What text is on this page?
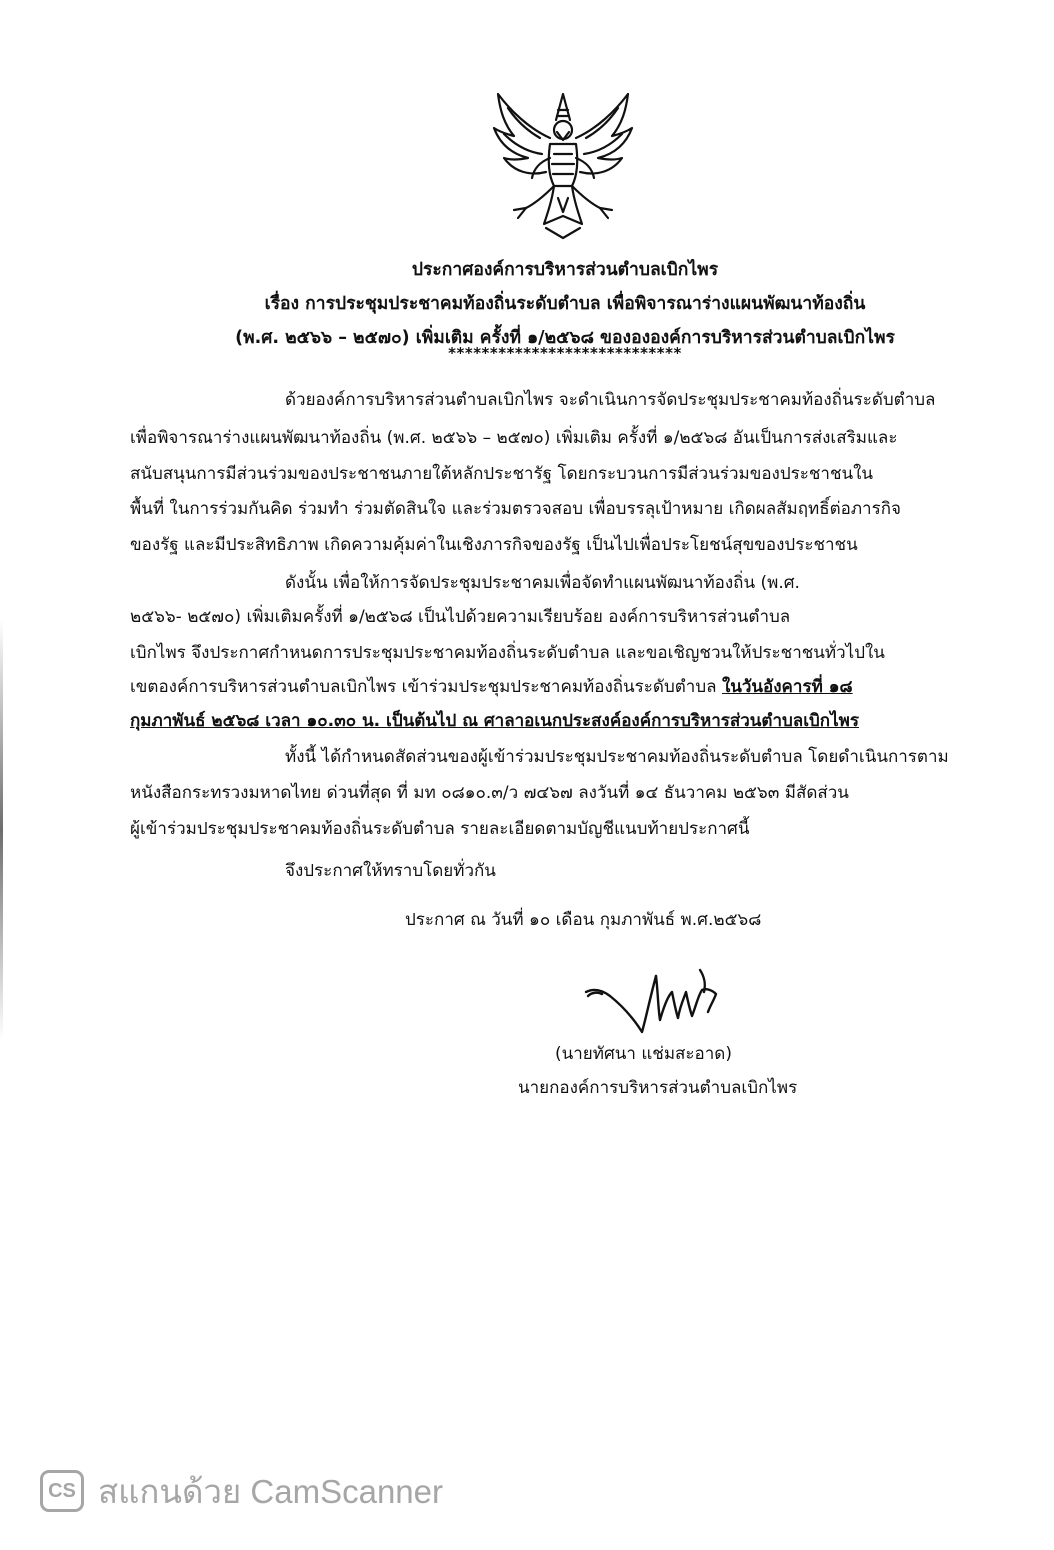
ประกาศองค์การบริหารส่วนตำบลเบิกไพร
เรื่อง การประชุมประชาคมท้องถิ่นระดับตำบล เพื่อพิจารณาร่างแผนพัฒนาท้องถิ่น
(พ.ศ. ๒๕๖๖ – ๒๕๗๐) เพิ่มเติม ครั้งที่ ๑/๒๕๖๘ ของององค์การบริหารส่วนตำบลเบิกไพร
****************************
ด้วยองค์การบริหารส่วนตำบลเบิกไพร จะดำเนินการจัดประชุมประชาคมท้องถิ่นระดับตำบล
เพื่อพิจารณาร่างแผนพัฒนาท้องถิ่น (พ.ศ. ๒๕๖๖ – ๒๕๗๐) เพิ่มเติม ครั้งที่ ๑/๒๕๖๘ อันเป็นการส่งเสริมและ
สนับสนุนการมีส่วนร่วมของประชาชนภายใต้หลักประชารัฐ โดยกระบวนการมีส่วนร่วมของประชาชนใน
พื้นที่ ในการร่วมกันคิด ร่วมทำ ร่วมตัดสินใจ และร่วมตรวจสอบ เพื่อบรรลุเป้าหมาย เกิดผลสัมฤทธิ์ต่อภารกิจ
ของรัฐ และมีประสิทธิภาพ เกิดความคุ้มค่าในเชิงภารกิจของรัฐ เป็นไปเพื่อประโยชน์สุขของประชาชน
ดังนั้น เพื่อให้การจัดประชุมประชาคมเพื่อจัดทำแผนพัฒนาท้องถิ่น (พ.ศ.
๒๕๖๖- ๒๕๗๐) เพิ่มเติมครั้งที่ ๑/๒๕๖๘ เป็นไปด้วยความเรียบร้อย องค์การบริหารส่วนตำบล
เบิกไพร จึงประกาศกำหนดการประชุมประชาคมท้องถิ่นระดับตำบล และขอเชิญชวนให้ประชาชนทั่วไปใน
เขตองค์การบริหารส่วนตำบลเบิกไพร เข้าร่วมประชุมประชาคมท้องถิ่นระดับตำบล ในวันอังคารที่ ๑๘
กุมภาพันธ์ ๒๕๖๘ เวลา ๑๐.๓๐ น. เป็นต้นไป ณ ศาลาอเนกประสงค์องค์การบริหารส่วนตำบลเบิกไพร
ทั้งนี้ ได้กำหนดสัดส่วนของผู้เข้าร่วมประชุมประชาคมท้องถิ่นระดับตำบล โดยดำเนินการตาม
หนังสือกระทรวงมหาดไทย ด่วนที่สุด ที่ มท ๐๘๑๐.๓/ว ๗๔๖๗ ลงวันที่ ๑๔ ธันวาคม ๒๕๖๓ มีสัดส่วน
ผู้เข้าร่วมประชุมประชาคมท้องถิ่นระดับตำบล รายละเอียดตามบัญชีแนบท้ายประกาศนี้
จึงประกาศให้ทราบโดยทั่วกัน
ประกาศ ณ วันที่ ๑๐ เดือน กุมภาพันธ์ พ.ศ.๒๕๖๘
(นายทัศนา แช่มสะอาด)
นายกองค์การบริหารส่วนตำบลเบิกไพร
CS สแกนด้วย CamScanner
